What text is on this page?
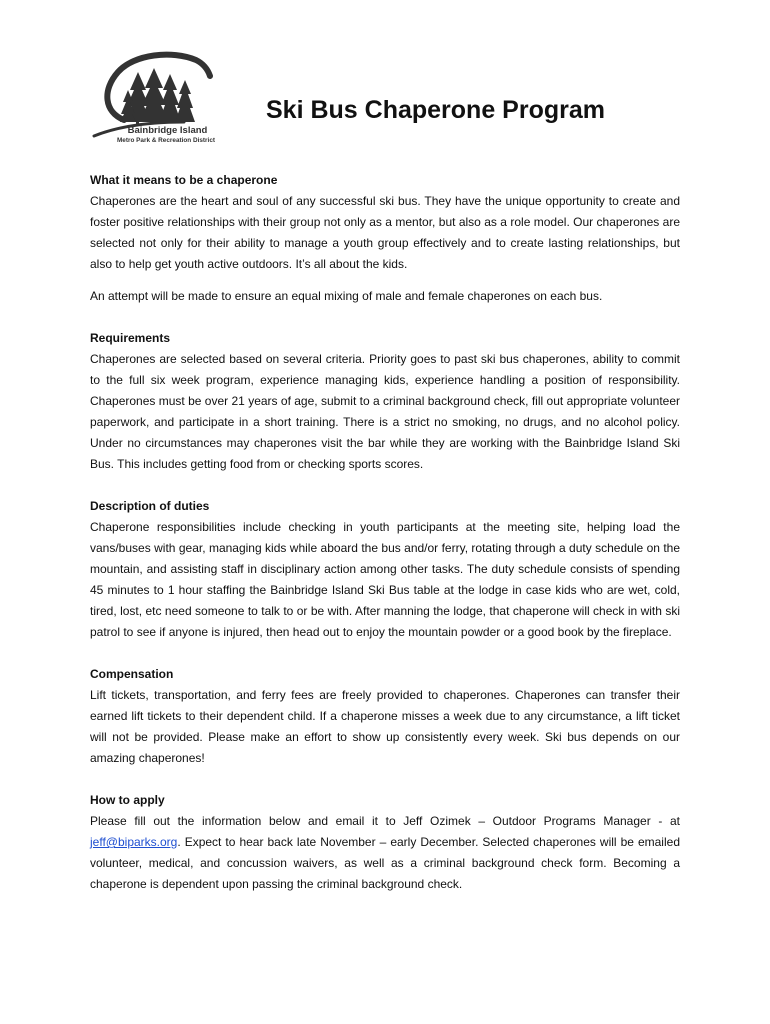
Bainbridge Island
Metro Park & Recreation District
Ski Bus Chaperone Program

What it means to be a chaperone

Chaperones are the heart and soul of any successful ski bus. They have the unique opportunity to create and foster positive relationships with their group not only as a mentor, but also as a role model. Our chaperones are selected not only for their ability to manage a youth group effectively and to create lasting relationships, but also to help get youth active outdoors. It’s all about the kids.

An attempt will be made to ensure an equal mixing of male and female chaperones on each bus.

Requirements

Chaperones are selected based on several criteria. Priority goes to past ski bus chaperones, ability to commit to the full six week program, experience managing kids, experience handling a position of responsibility. Chaperones must be over 21 years of age, submit to a criminal background check, fill out appropriate volunteer paperwork, and participate in a short training. There is a strict no smoking, no drugs, and no alcohol policy. Under no circumstances may chaperones visit the bar while they are working with the Bainbridge Island Ski Bus. This includes getting food from or checking sports scores.

Description of duties

Chaperone responsibilities include checking in youth participants at the meeting site, helping load the vans/buses with gear, managing kids while aboard the bus and/or ferry, rotating through a duty schedule on the mountain, and assisting staff in disciplinary action among other tasks. The duty schedule consists of spending 45 minutes to 1 hour staffing the Bainbridge Island Ski Bus table at the lodge in case kids who are wet, cold, tired, lost, etc need someone to talk to or be with. After manning the lodge, that chaperone will check in with ski patrol to see if anyone is injured, then head out to enjoy the mountain powder or a good book by the fireplace.

Compensation

Lift tickets, transportation, and ferry fees are freely provided to chaperones. Chaperones can transfer their earned lift tickets to their dependent child. If a chaperone misses a week due to any circumstance, a lift ticket will not be provided. Please make an effort to show up consistently every week. Ski bus depends on our amazing chaperones!

How to apply

Please fill out the information below and email it to Jeff Ozimek – Outdoor Programs Manager - at jeff@biparks.org. Expect to hear back late November – early December. Selected chaperones will be emailed volunteer, medical, and concussion waivers, as well as a criminal background check form. Becoming a chaperone is dependent upon passing the criminal background check.
